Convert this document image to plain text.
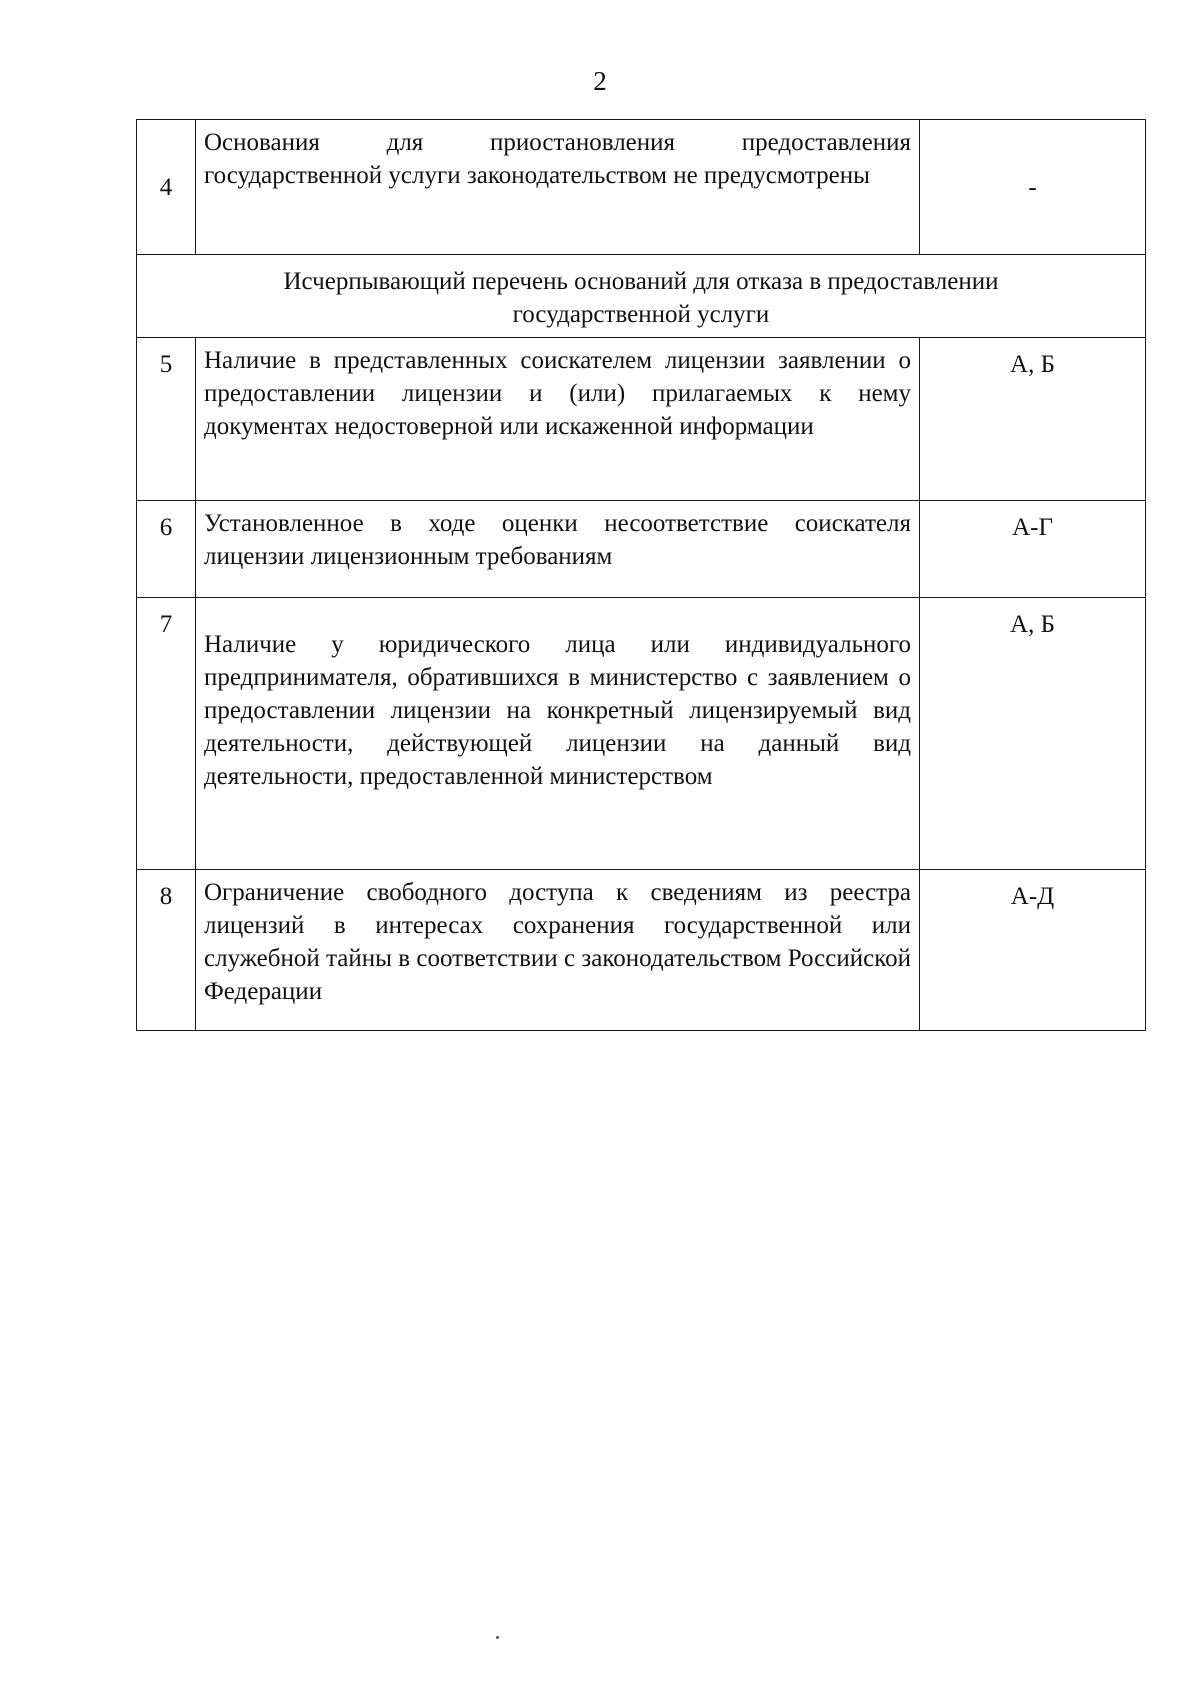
2
4	Основания для приостановления предоставления государственной услуги законодательством не предусмотрены	-
Исчерпывающий перечень оснований для отказа в предоставлении государственной услуги		
5	Наличие в представленных соискателем лицензии заявлении о предоставлении лицензии и (или) прилагаемых к нему документах недостоверной или искаженной информации	А, Б
6	Установленное в ходе оценки несоответствие соискателя лицензии лицензионным требованиям	А-Г
7	Наличие у юридического лица или индивидуального предпринимателя, обратившихся в министерство с заявлением о предоставлении лицензии на конкретный лицензируемый вид деятельности, действующей лицензии на данный вид деятельности, предоставленной министерством	А, Б
8	Ограничение свободного доступа к сведениям из реестра лицензий в интересах сохранения государственной или служебной тайны в соответствии с законодательством Российской Федерации	А-Д
